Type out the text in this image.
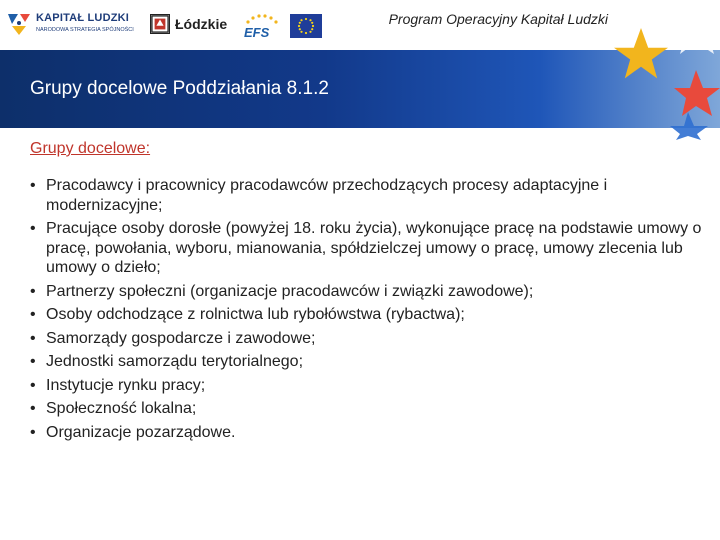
KAPITAŁ LUDZKI
NARODOWA STRATEGIA SPÓJNOŚCI	Łódzkie
EFS
Program Operacyjny Kapitał Ludzki
Grupy docelowe Poddziałania 8.1.2
Grupy docelowe:
• Pracodawcy i pracownicy pracodawców przechodzących procesy adaptacyjne i modernizacyjne;
• Pracujące osoby dorosłe (powyżej 18. roku życia), wykonujące pracę na podstawie umowy o pracę, powołania, wyboru, mianowania, spółdzielczej umowy o pracę, umowy zlecenia lub umowy o dzieło;
• Partnerzy społeczni (organizacje pracodawców i związki zawodowe);
• Osoby odchodzące z rolnictwa lub rybołówstwa (rybactwa);
• Samorządy gospodarcze i zawodowe;
• Jednostki samorządu terytorialnego;
• Instytucje rynku pracy;
• Społeczność lokalna;
• Organizacje pozarządowe.
